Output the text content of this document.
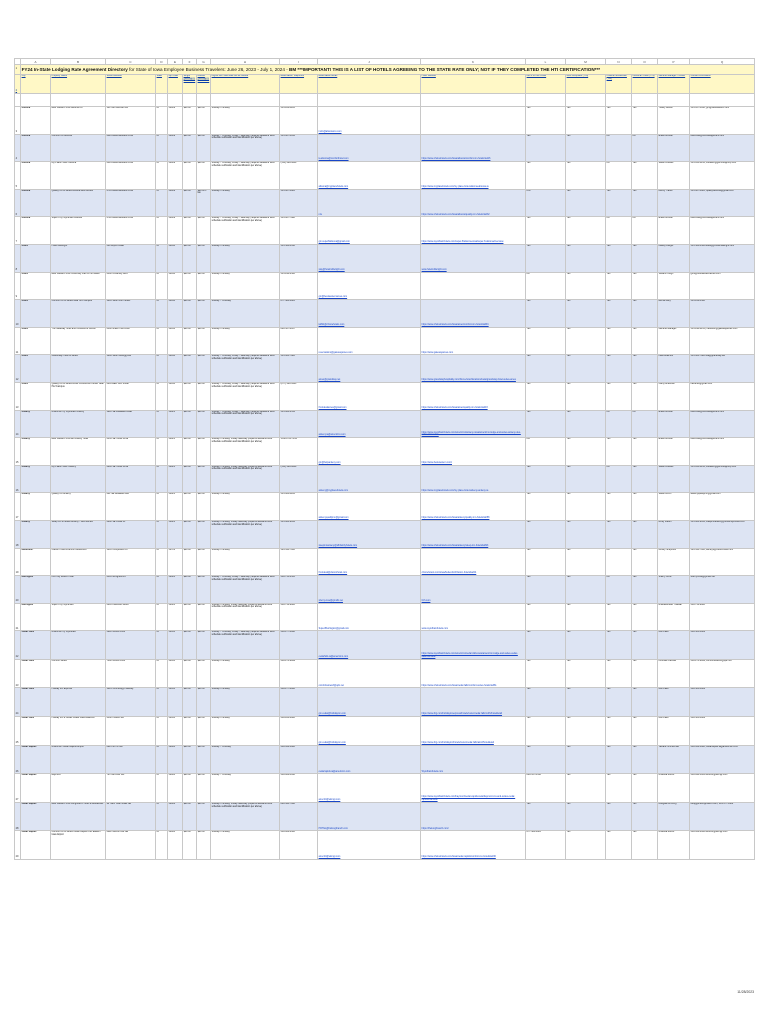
	A	B	C	D	E	F	G	H	I	J	K	L	M	N	O	P	Q
1	FY24 In-State Lodging Rate Agreement Directory for State of Iowa Employee Business Travelers: June 26, 2023 - July 1, 2024 - BM ***IMPORTANT! THIS IS A LIST OF HOTELS AGREEING TO THE STATE RATE ONLY; NOT IF THEY COMPLETED THE HTI CERTIFICATION***																
2	City	Property Name	Street Address	State	Zip Code	Single Occupancy Room Rate	Double Occupancy Room Rate	Nights the Hotel Rate will be offered	Reservation Telephone	Reservation Email	Hotel Website	800 # for the Chain	ADA Compliant (Y/N)	Political Subdivision (Y/N)	Personal Travel (Y/N)	General Manager / Owner	Contact Information

3	Altoona	Best Western Plus Altoona Inn	100 34th Avenue NW	IA	50009	$80.00	$80.00	Sunday-Thursday	515-262-0203	innfo@altoonainn.com		Yes	Yes	Yes	Yes	Tiffany Bicksli	515-957-3430, gm@bestwestern.com
4	Altoona	Comfort Inn Altoona	2323 Adventureland Drive	IA	50009	$80.00	$80.00	Sunday - Thursday, Friday - Saturday (requires weekend work schedule verification and identification per above)	515-967-4412	ia.altoona@comforthotel.com	https://www.choicehotels.com/iowa/altoona/comfort-inn-hotels/ia116	Yes	Yes	No	No	Erika Lehman	erlehman@drkmanagement.com
5	Altoona	My Place Hotel- Altoona	2314 Adventureland Drive	IA	50009	$80.00	$80.00	Sunday - Thursday, Friday - Saturday (requires weekend work schedule verification and identification per above)	(515) 288-6688	altoona@myplacehotels.com	https://www.myplacehotels.com/my-place-hotel-altoona-altoona-ia	Yes	Yes	No	Yes	Sarah Lobelier	515-850-6212, slobelier@gbrhotelgroup.com
6	Altoona	Quality Inn & Suites Altoona-Des Moines	2716 Adventureland Drive	IA	50009	$80.00	$80.00 + tax	Sunday-Thursday	515-967-4885	n/a	https://www.choicehotels.com/iowa/altoona/quality-inn-hotels/ia232	N/A	Yes	Yes	Yes	Denny Traoré	515-967-4885, quality.altoona@gmail.com
7	Altoona	Super 8 by Wyndham Altoona	2720 Adventureland Drive	IA	50009	$80.00	$80.00	Sunday - Thursday, Friday - Saturday (requires weekend work schedule verification and identification per above)	515-967-7888	gm.super8altoona@gmail.com	https://www.wyndhamhotels.com/super-8/altoona-iowa/super-8-altoona/overview	Yes	Yes	No	No	Erika Lehman	erlehman@drkmanagement.com
8	Ames	Hotel Millwright	300 Airport Road	IA	50010	$80.00	$80.00	Sunday-Thursday	515-508-8310	stay@hotelmillwright.com	www.hotelmillwright.com	Yes	Yes	Yes	Yes	Keeley Dwight	515-508-8306 keeley@hotelmillwright.com
9	Ames	Best Western Plus University Park Inn & Suites	2500 University Blvd	IA	50010	$80.00	$80.00	Sunday-Thursday	515-296-2500	gm@bestwesternames.com		No	Yes	Yes	Yes	William Pough	gm2@bestwesternames.com
10	Ames	Comfort Inn & Suites Near ISU Campus	1605 South 16th Street	IA	50010	$80.00	$80.00	Sunday - Thursday	877-424-6423	ia091@choicehotels.com	https://www.choicehotels.com/iowa/ames/comfort-inn-hotels/ia091	Yes	Yes	Yes	Yes	Bernie Alley	515-232-0500
11	Ames	The Gateway Hotel and Conference Center	2100 Green Hills Drive	IA	50014	$80.00	$80.00	Sunday-Thursday	800-367-2637	reservations@gatewayames.com	https://www.gatewayames.com	Yes	Yes	Yes	Yes	General Manager	515-298-2211 | careswm@gatewayames.com
12	Ames	GrandStay Hotel & Suites	1606 South Kellogg Ave	IA	50010	$80.00	$80.00	Sunday - Thursday, Friday - Saturday (requires weekend work schedule verification and identification per above)	515-663-7820	ames@grandstay.net	https://www.grandstayhospitality.com/find-a-hotel/locations/iowa/grandstay-hotel-suites-ames	Yes	Yes	Yes	Yes	Lisa Anderson	515-663-7820 lisa@grandstay.net
13	Ames	Quality Inn & Suites Ames Conference Center Near ISU Campus	2601 East 13th Street	IA	50010	$80.00	$80.00	Sunday - Thursday, Friday - Saturday (requires weekend work schedule verification and identification per above)	(877) 424-6423	frontdeskames@gmail.com	https://www.choicehotels.com/iowa/ames/quality-inn-hotels/ia203	Yes	Yes	Yes	Yes	Cathy Anderson	cameres@gmail.com
14	Ankeny	AmericInn by Wyndham Ankeny	1910 SE Delaware Road	IA	50021	$80.00	$80.00	Sunday - Thursday, Friday - Saturday (requires weekend work schedule verification and identification per above)	515-964-2554	ankeny.ia@americinn.com	https://www.wyndhamhotels.com/americinn/ankeny-iowa/americinn-lodge-and-suites-ankeny-des-moines/overview	Yes	Yes	No	No	Erika Lehman	erlehman@drkmanagement.com
15	Ankeny	Best Western Premier Ankeny Hotel	2333 SE Tones Drive	IA	50021	$80.00	$80.00	Sunday-Thursday, Friday-Saturday (requires weekend work schedule verification and identification per above)	1-800-780-7234	gm@bwpankeny.com	https://www.bestwestern.com/	NA	Yes	Yes	Yes	Erika Lehman	erlehman@drkmanagement.com
16	Ankeny	My Place Hotel- Ankeny	2206 SE Tones Drive	IA	50021	$80.00	$80.00	Sunday-Thursday, Friday-Saturday (requires weekend work schedule verification and identification per above)	(515) 288-8688	ankeny@myplacehotels.com	https://www.myplacehotels.com/my-place-hotel-ankeny-ankeny-ia	Yes	Yes	No	Yes	Sarah Lobelier	515-850-6212, slobelier@gbrhotelgroup.com
17	Ankeny	Quality Inn Ankeny	201 SE Delaware Ave	IA	50021	$80.00	$80.00	Sunday-Thursday	515-964-8202	ankenyqualityinn@gmail.com	https://www.choicehotels.com/iowa/ankeny/quality-inn-hotels/ia058	Yes	Yes	Yes	Yes	Sarah Ahrim	ankenyqualityinn@gmail.com
18	Ankeny	Sleep Inn & Suites Ankeny - Des Moines	2600 SE Creek Dr.	IA	50021	$80.00	$80.00	Sunday-Thursday, Friday-Saturday (requires weekend work schedule verification and identification per above)	515-964-9434	sleepinnankeny@sfbfamilyhotels.com	https://www.choicehotels.com/iowa/ankeny/sleep-inn-hotels/ia093	Yes	Yes	Yes	Yes	Ricky Patton	515-964-9434, sleepinnankeny@sfbfamilyhotels.com
19	Bettendorf	Clarion Hotel Riverfront Bettendorf	1601 Competition Dr	IA	52722	$80.00	$80.00	Sunday-Thursday	563-344-7000	frontdesk@clarionhotel.com	choicehotels.com/iowa/bettendorf/clarion-hotels/ia224	Yes	Yes	No	Yes	Ashley Shepherd	563-344-7000, ashleys@clarionhotel.com
20	Burlington	Fort City Resort Hotel	2501 Mt Agnes Rd	IA	52601	$80.00	$80.00	Sunday - Thursday, Friday - Saturday (requires weekend work schedule verification and identification per above)	319-753-2565	sherry.crew@gmsllc.net	fcrh.com	Yes	Yes	No	Yes	Sherry Crew	sherry.crew@gmsllc.net
21	Burlington	Super 8 by Wyndham	3001 Kirkwood Street	IA	52601	$80.00	$80.00	Sunday-Thursday, Friday-Saturday (requires weekend work schedule verification and identification per above)	319-752-9806	Super8burlington@gmail.com	www.wyndhamhotels.com	Yes	Yes	Yes	Yes	Bhavdeshwari Thakkar	319-752-9806
22	Cedar Falls	AmericInn by Wyndham	5818 Nordic Drive	IA	50613	$80.00	$80.00	Sunday - Thursday, Friday - Saturday (requires weekend work schedule verification and identification per above)	319-277-6008	cedarfalls.ia@americinn.com	https://www.wyndhamhotels.com/americinn/cedar-falls-iowa/americinn-lodge-and-suites-cedar-falls/overview	Yes	Yes	Yes	Yes	Atul Patel	319-505-0809
23	Cedar Falls	Comfort Suites	7400 Nordic Drive	IA	50613	$80.00	$80.00	Sunday-Thursday	319-273-9999	comfortsuitescf@qdc.net	https://www.choicehotels.com/iowa/cedar-falls/comfort-suites-hotels/ia361	Yes	Yes	Yes	Yes	Nicholas Carman	319-273-9999, comfortsuitescf@qdc.net
24	Cedar Falls	Holiday Inn Express	1614 Technology Parkway	IA	50613	$80.00	$80.00	Sunday-Thursday	319-277-2400	gm.cedar@holidayinn.com	https://www.ihg.com/holidayinnexpress/hotels/us/en/cedar-falls/cdrfx/hoteldetail	Yes	Yes	Yes	Yes	Atul Patel	319-505-0809
25	Cedar Falls	Holiday Inn & Suites Cedar Falls-Waterloo	4560 Hudson Rd	IA	50613	$80.00	$80.00	Sunday-Thursday	319-266-2800	gm.cedar@holidayinn.com	https://www.ihg.com/holidayinn/hotels/us/en/cedar-falls/alocf/hoteldetail	Yes	Yes	Yes	Yes	Atul Patel	319-505-0809
26	Cedar Rapids	AmericInn Cedar Rapids Airport	6815 6th St SW	IA	52404	$80.00	$80.00	Sunday - Thursday	319-632-1800	cedarrapids.ia@americinn.com	Wyndhamhotels.com	Yes	Yes	Yes	Yes	Tamara Timmerman	319-632-1800, cedarrapids.ia@americinn.com
27	Cedar Rapids	Baymont	725 33rd Ave SW	IA	52404	$80.00	$80.00	Sunday - Thursday	319-862-0630	amerritt@wkmgt.com	https://www.wyndhamhotels.com/baymont/cedar-rapids-iowa/baymont-inn-and-suites-cedar-rapids/overview	800-337-0550	Yes	Yes	Yes	Amanda Merritt	319-896-1004 amerritt@wkmgt.com
28	Cedar Rapids	Best Western Plus Longbranch Hotel & Restaurant	90 Twixt Town Road NE	IA	52402	$80.00	$94.00	Sunday-Thursday, Friday-Saturday (requires weekend work schedule verification and identification per above)	800-443-7660	HOTEL@bwlongbranch.com	https://thelongbranch.com/	Yes	Yes	Yes	Yes	Douglas De Long	doug@thelongbranch.com, 319-377-6386
29	Cedar Rapids	Comfort Inn & Suites Cedar Rapids CID Eastern Iowa Airport	2022 Werner Ave NE	IA	52404	$80.00	$80.00	Sunday-Thursday	319-862-2300	amerritt@wkmgt.com	https://www.choicehotels.com/iowa/cedar-rapids/comfort-inn-hotels/ia196	877-424-6423	Yes	Yes	Yes	Amanda Merritt	319-632-2693 amerritt@wkmgt.com
11/28/2023
